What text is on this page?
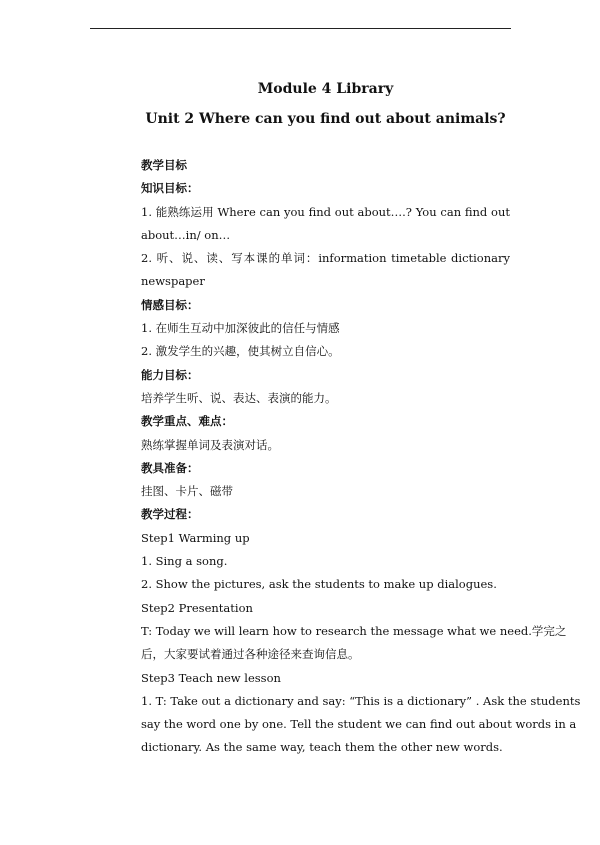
Module 4 Library
Unit 2 Where can you find out about animals?
教学目标
知识目标：
1. 能熟练运用 Where can you find out about….? You can find out
about…in/ on…
2. 听、说、读、写本课的单词：information timetable dictionary
newspaper
情感目标：
1. 在师生互动中加深彼此的信任与情感
2. 激发学生的兴趣，使其树立自信心。
能力目标：
培养学生听、说、表达、表演的能力。
教学重点、难点：
熟练掌握单词及表演对话。
教具准备：
挂图、卡片、磁带
教学过程：
Step1 Warming up
1. Sing a song.
2. Show the pictures, ask the students to make up dialogues.
Step2 Presentation
T: Today we will learn how to research the message what we need.学完之
后，大家要试着通过各种途径来查询信息。
Step3 Teach new lesson
1. T: Take out a dictionary and say: “This is a dictionary” . Ask the students
say the word one by one. Tell the student we can find out about words in a
dictionary. As the same way, teach them the other new words.
